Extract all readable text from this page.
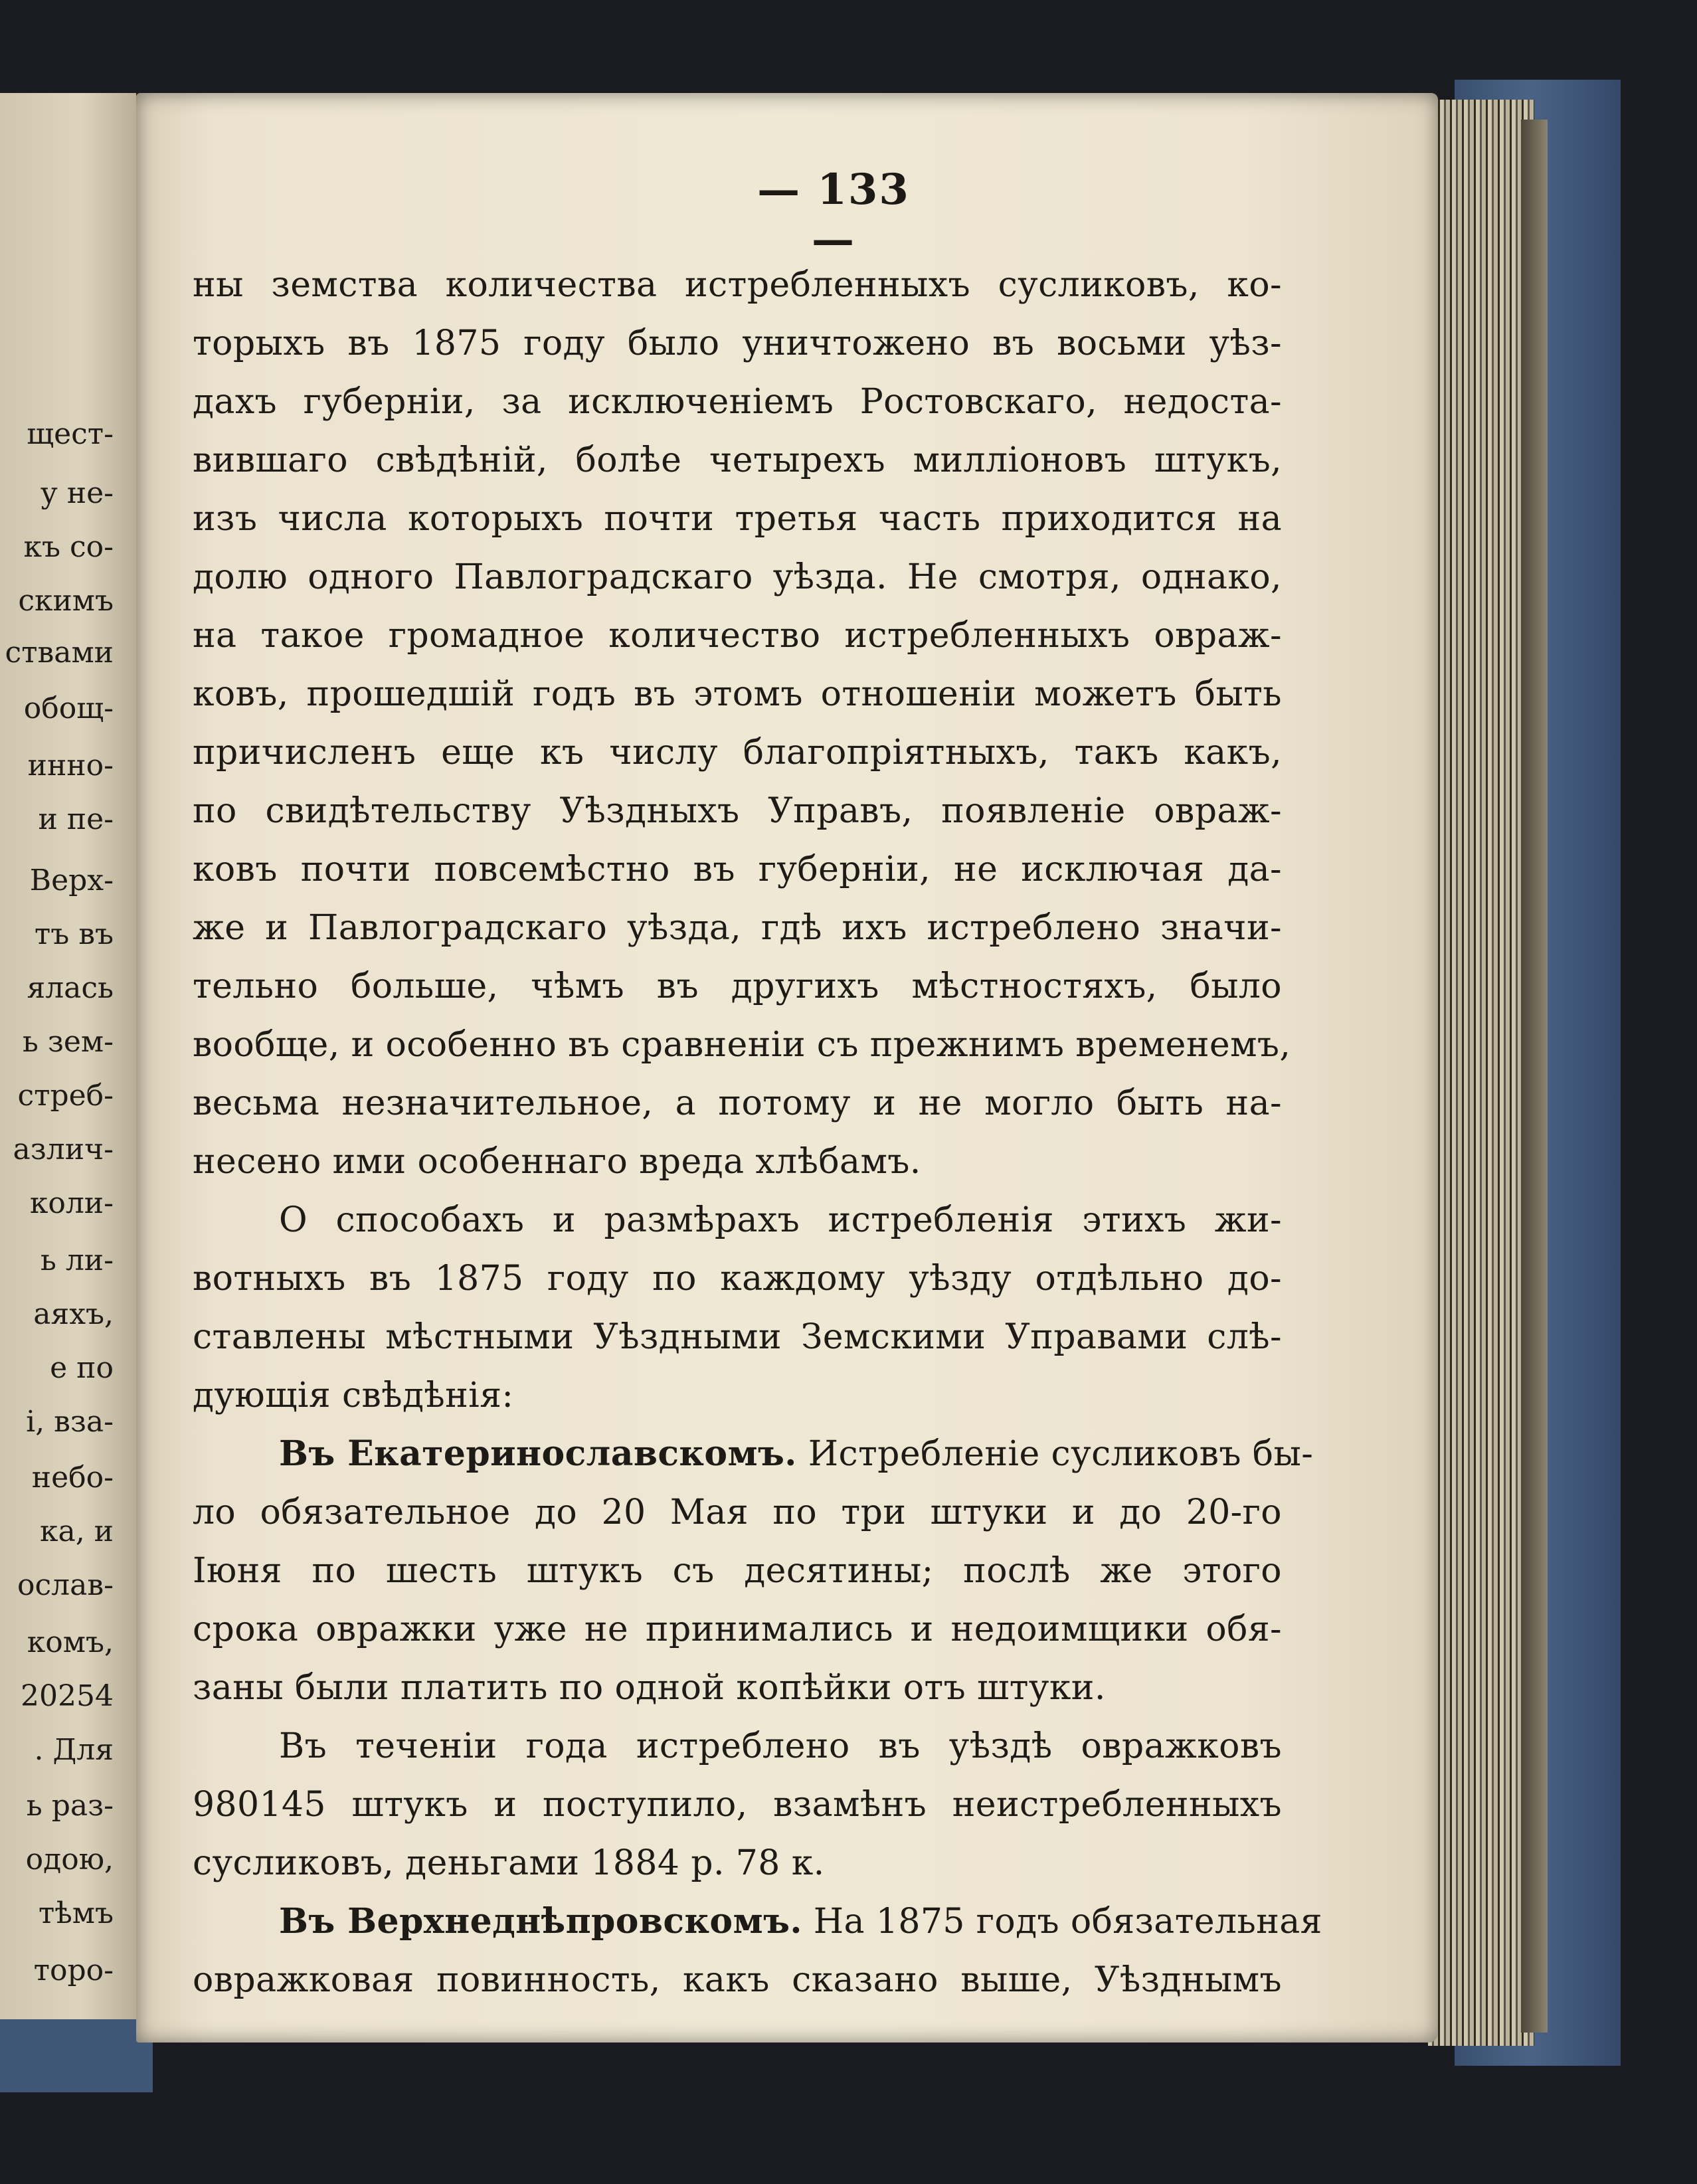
щест-
у не-
къ со-
скимъ
ствами
обощ-
инно-
и пе-
Верх-
тъ въ
ялась
ь зем-
стреб-
азлич-
коли-
ь ли-
аяхъ,
е по
і, вза-
небо-
ка, и
ослав-
комъ,
20254
. Для
ь раз-
одою,
тѣмъ
торо-

— 133 —

ны земства количества истребленныхъ сусликовъ, ко-
торыхъ въ 1875 году было уничтожено въ восьми уѣз-
дахъ губерніи, за исключеніемъ Ростовскаго, недоста-
вившаго свѣдѣній, болѣе четырехъ милліоновъ штукъ,
изъ числа которыхъ почти третья часть приходится на
долю одного Павлоградскаго уѣзда. Не смотря, однако,
на такое громадное количество истребленныхъ овраж-
ковъ, прошедшій годъ въ этомъ отношеніи можетъ быть
причисленъ еще къ числу благопріятныхъ, такъ какъ,
по свидѣтельству Уѣздныхъ Управъ, появленіе овраж-
ковъ почти повсемѣстно въ губерніи, не исключая да-
же и Павлоградскаго уѣзда, гдѣ ихъ истреблено значи-
тельно больше, чѣмъ въ другихъ мѣстностяхъ, было
вообще, и особенно въ сравненіи съ прежнимъ временемъ,
весьма незначительное, а потому и не могло быть на-
несено ими особеннаго вреда хлѣбамъ.
О способахъ и размѣрахъ истребленія этихъ жи-
вотныхъ въ 1875 году по каждому уѣзду отдѣльно до-
ставлены мѣстными Уѣздными Земскими Управами слѣ-
дующія свѣдѣнія:
Въ Екатеринославскомъ. Истребленіе сусликовъ бы-
ло обязательное до 20 Мая по три штуки и до 20-го
Іюня по шесть штукъ съ десятины; послѣ же этого
срока овражки уже не принимались и недоимщики обя-
заны были платить по одной копѣйки отъ штуки.
Въ теченіи года истреблено въ уѣздѣ овражковъ
980145 штукъ и поступило, взамѣнъ неистребленныхъ
сусликовъ, деньгами 1884 р. 78 к.
Въ Верхнеднѣпровскомъ. На 1875 годъ обязательная
овражковая повинность, какъ сказано выше, Уѣзднымъ
